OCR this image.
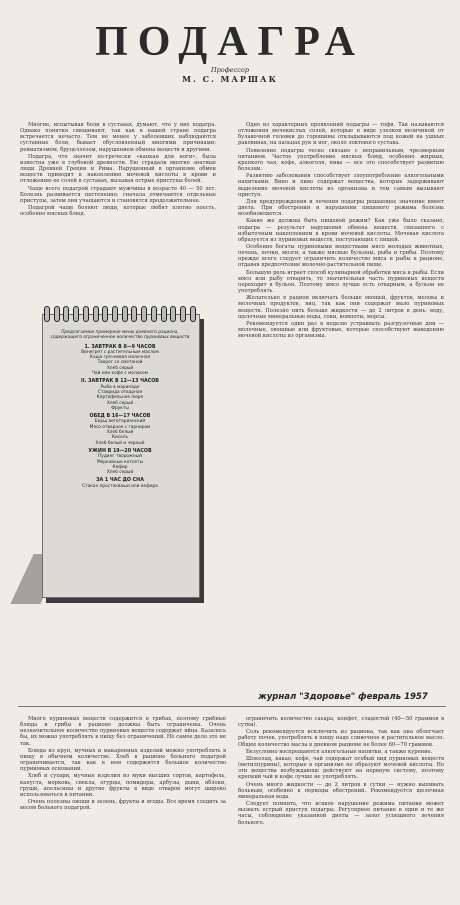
ПОДАГРА
Профессор
М. С. МАРШАК

Многие, испытывая боли в суставах, думают, что у них подагра. Однако понятия смешивают, так как в нашей стране подагра встречается нечасто. Тем не менее у заболевших наблюдаются суставные боли, бывает обусловленный многими причинами: ревматизмом, бруцеллезом, нарушением обмена веществ и другими.

Подагра, что значит по-гречески «капкан для ноги», была известна уже в глубокой древности. Ею страдали многие знатные люди Древней Греции и Рима. Нарушенный в организме обмен веществ приводит к накоплению мочевой кислоты в крови и отложению ее солей в суставах, вызывая острые приступы болей.

Чаще всего подагрой страдают мужчины в возрасте 40 — 50 лет. Болезнь развивается постепенно: сначала отмечаются отдельные приступы, затем они учащаются и становятся продолжительнее.

Подагрой чаще болеют люди, которые любят плотно поесть, особенно мясных блюд.

Предлагаемое примерное меню дневного рациона, содержащего ограниченное количество пуриновых веществ
1. ЗАВТРАК В 8—9 ЧАСОВ
Винегрет с растительным маслом
Каша гречневая молочная
Творог со сметаной
Хлеб серый
Чай или кофе с молоком
II. ЗАВТРАК В 12—13 ЧАСОВ
Рыба в маринаде
Ставрида отварная
Картофельное пюре
Хлеб серый
Фрукты
ОБЕД В 16—17 ЧАСОВ
Борщ вегетарианский
Мясо отварное с гарниром
Хлеб белый
Кисель
Хлеб белый и черный
УЖИН В 19—20 ЧАСОВ
Пудинг творожный
Морковные котлеты
Кефир
Хлеб серый
ЗА 1 ЧАС ДО СНА
Стакан простокваши или кефира

Одно из характерных проявлений подагры — тофи. Так называются отложения мочекислых солей, которые в виде узелков величиной от булавочной головки до горошины откладываются под кожей на ушных раковинах, на пальцах рук и ног, около локтевого сустава.

Появление подагры тесно связано с неправильным, чрезмерным питанием. Частое употребление мясных блюд, особенно жирных, крепкого чая, кофе, алкоголя, пива — все это способствует развитию болезни.

Развитию заболевания способствует злоупотребление алкогольными напитками. Вино и пиво содержат вещества, которые задерживают выделение мочевой кислоты из организма и тем самым вызывают приступ.

Для предупреждения и лечения подагры решающее значение имеет диета. При обострении и нарушении пищевого режима болезнь возобновляется.

Какие же должны быть пищевой режим? Как уже было сказано, подагра — результат нарушения обмена веществ, связанного с избыточным накоплением в крови мочевой кислоты. Мочевая кислота образуется из пуриновых веществ, поступающих с пищей.

Особенно богаты пуриновыми веществами мясо молодых животных, печень, почки, мозги, а также мясные бульоны, рыба и грибы. Поэтому прежде всего следует ограничить количество мяса и рыбы в рационе, отдавая предпочтение молочно-растительной пище.

Большую роль играет способ кулинарной обработки мяса и рыбы. Если мясо или рыбу отварить, то значительная часть пуриновых веществ переходит в бульон. Поэтому мясо лучше есть отварным, а бульон не употреблять.

Желательно в рацион включать больше овощей, фруктов, молока и молочных продуктов, яиц, так как они содержат мало пуриновых веществ. Полезно пить больше жидкости — до 2 литров в день: воду, щелочные минеральные воды, соки, компоты, морсы.

Рекомендуется один раз в неделю устраивать разгрузочные дни — молочные, овощные или фруктовые, которые способствуют выведению мочевой кислоты из организма.

журнал "Здоровье" февраль 1957

Много пуриновых веществ содержится в грибах, поэтому грибные блюда и грибы в рационе должны быть ограничены. Очень незначительное количество пуриновых веществ содержат яйца. Казалось бы, их можно употреблять в пищу без ограничений. Но самое дело это не так.

Блюда из круп, мучных и макаронных изделий можно употреблять в пищу в обычном количестве. Хлеб в рационе больного подагрой ограничивается, так как в нем содержится большое количество пуриновых оснований.

Хлеб и сухари, мучные изделия из муки высших сортов, картофель, капуста, морковь, свекла, огурцы, помидоры, арбузы, дыни, яблоки, груши, апельсины и другие фрукты в виде отваров могут широко использоваться в питании.

Очень полезны овощи и зелень, фрукты и ягоды. Все время следить за весом больного подагрой.

ограничить количество сахара, конфет, сладостей (40—50 граммов в сутки).

Соль рекомендуется исключить из рациона, так как она облегчает работу почек, употреблять в пищу надо сливочное и растительное масло. Общее количество масла в дневном рационе не более 60—70 граммов.

Безусловно воспрещаются алкогольные напитки, а также курение.

Шоколад, какао, кофе, чай содержат особый вид пуриновых веществ (метилпурины), которые в организме не образуют мочевой кислоты. Но эти вещества возбуждающе действуют на нервную систему, поэтому крепкий чай и кофе лучше не употреблять.

Очень много жидкости — до 2 литров в сутки — нужно выпивать больным, особенно в периоды обострений. Рекомендуется щелочная минеральная вода.

Следует помнить, что всякое нарушение режима питания может вызвать острый приступ подагры. Регулярное питание в одни и те же часы, соблюдение указанной диеты — залог успешного лечения больного.
